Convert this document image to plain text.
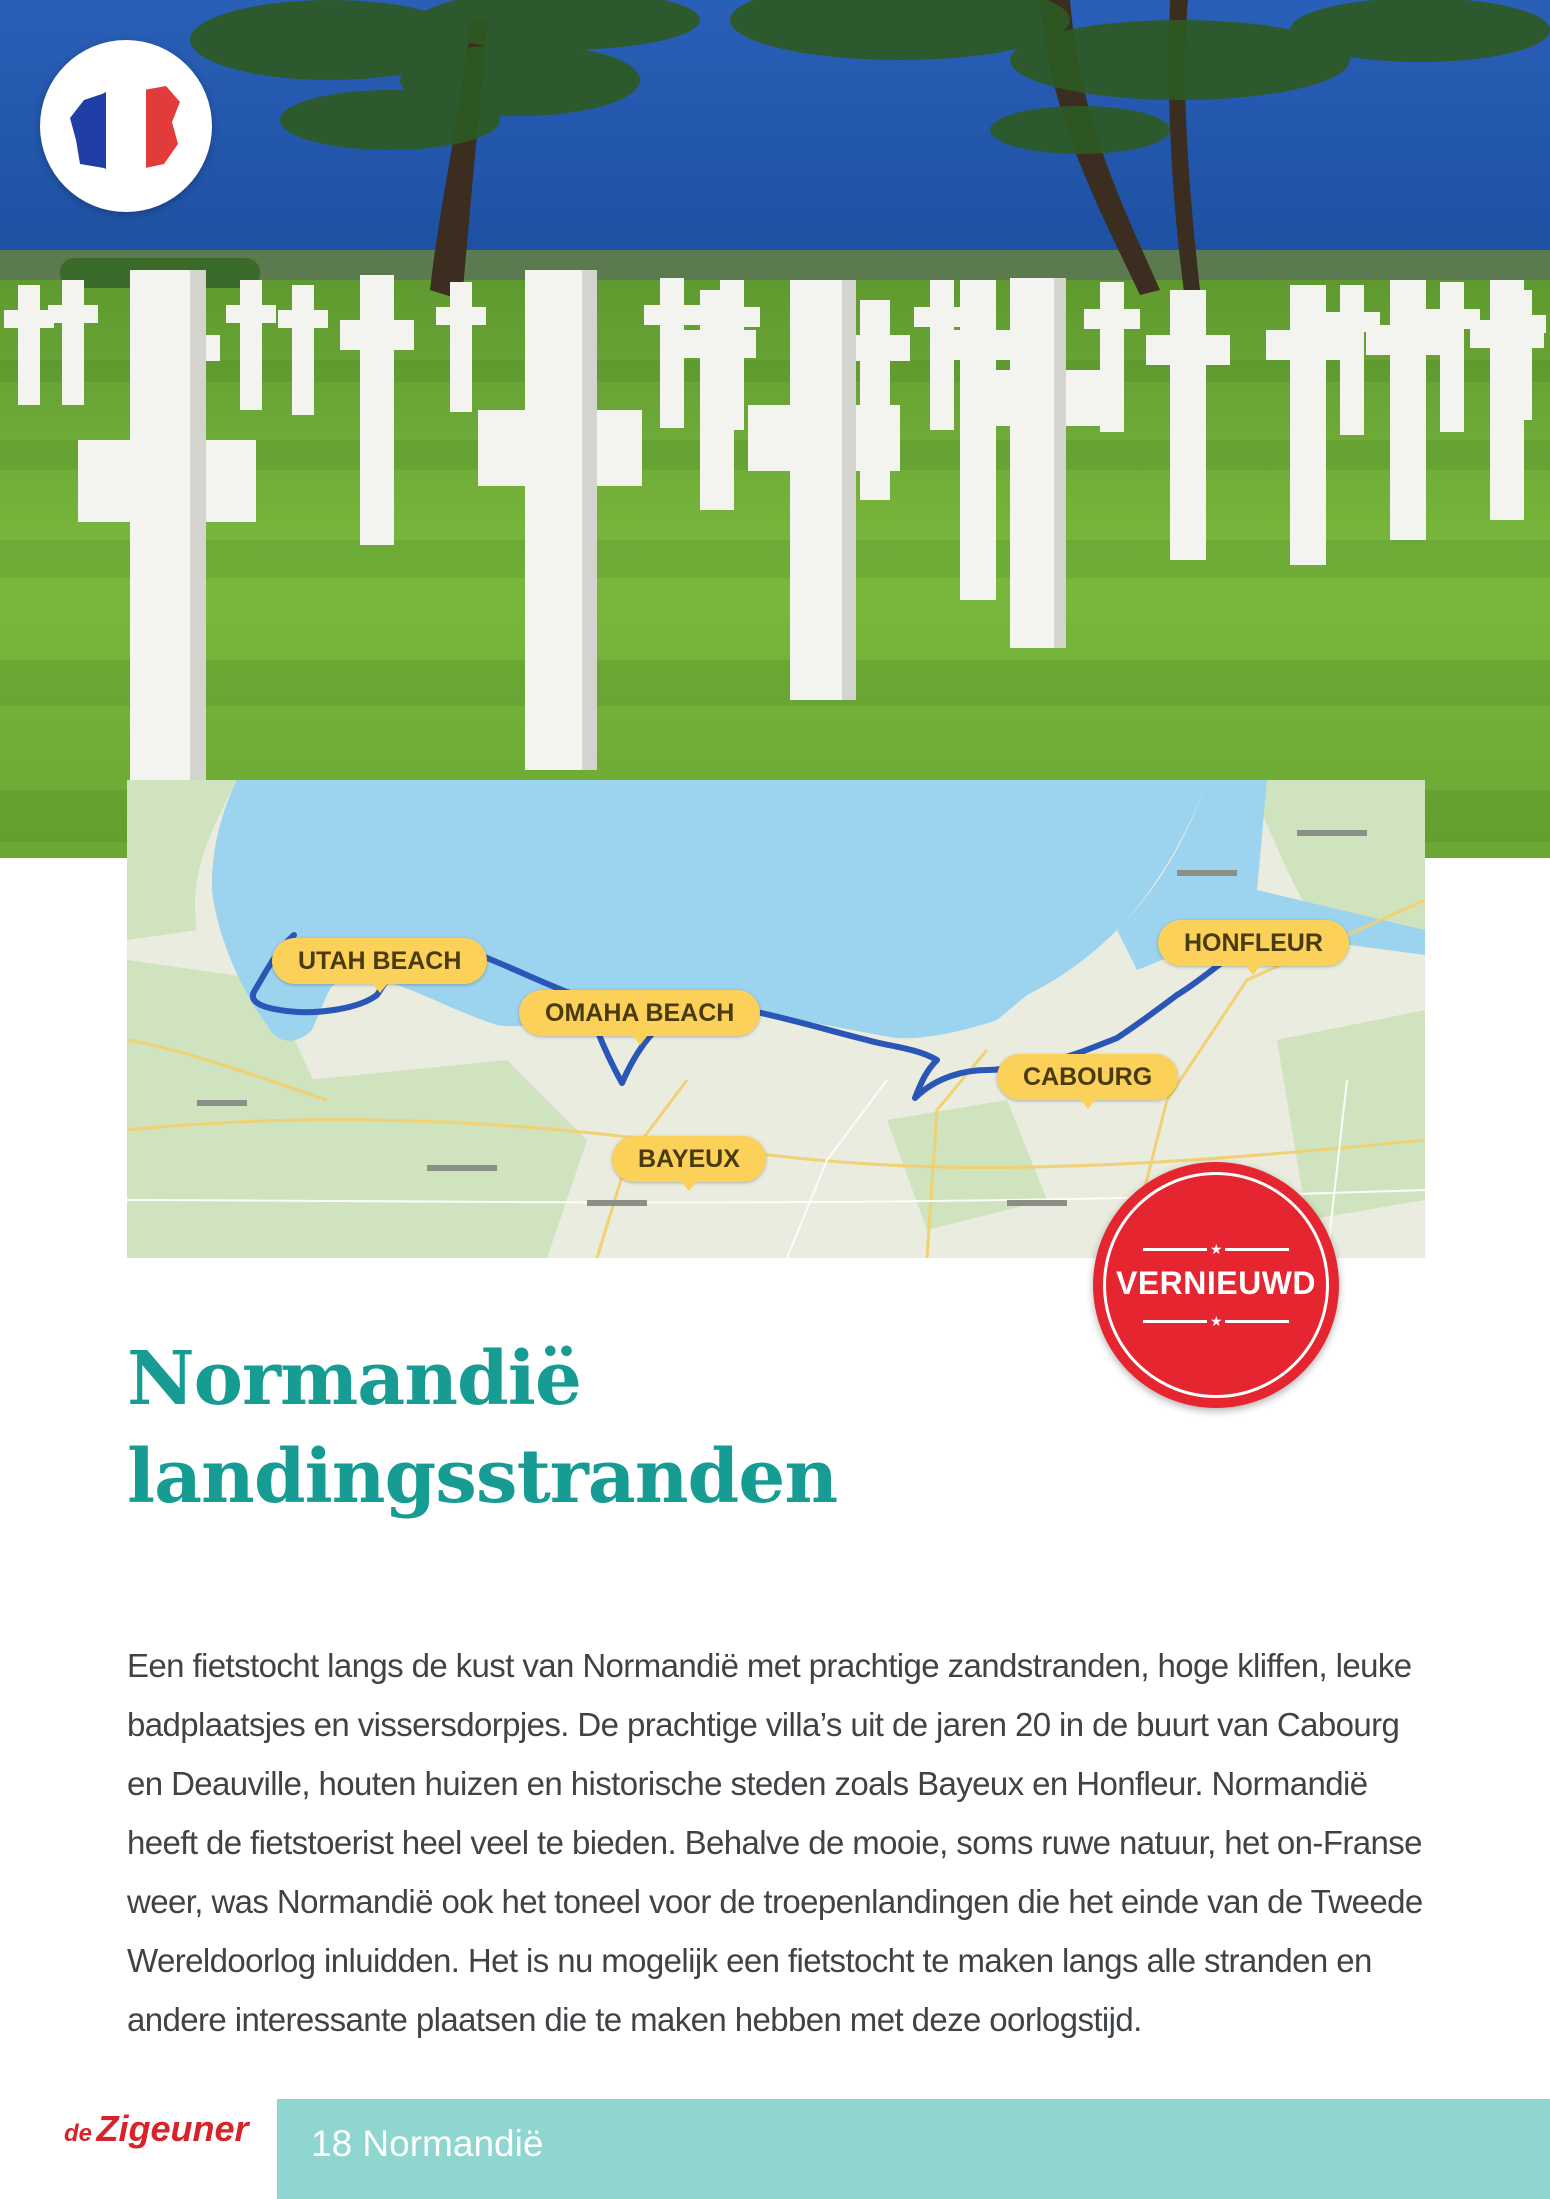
UTAH BEACH
OMAHA BEACH
BAYEUX
CABOURG
HONFLEUR
★
VERNIEUWD
★
Normandië
landingsstranden

Een fietstocht langs de kust van Normandië met prachtige zandstranden, hoge kliffen, leuke badplaatsjes en vissersdorpjes. De prachtige villa’s uit de jaren 20 in de buurt van Cabourg en Deauville, houten huizen en historische steden zoals Bayeux en Honfleur. Normandië heeft de fietstoerist heel veel te bieden. Behalve de mooie, soms ruwe natuur, het on-Franse weer, was Normandië ook het toneel voor de troepenlandingen die het einde van de Tweede Wereldoorlog inluidden. Het is nu mogelijk een fietstocht te maken langs alle stranden en andere interessante plaatsen die te maken hebben met deze oorlogstijd.

de Zigeuner 18 Normandië
